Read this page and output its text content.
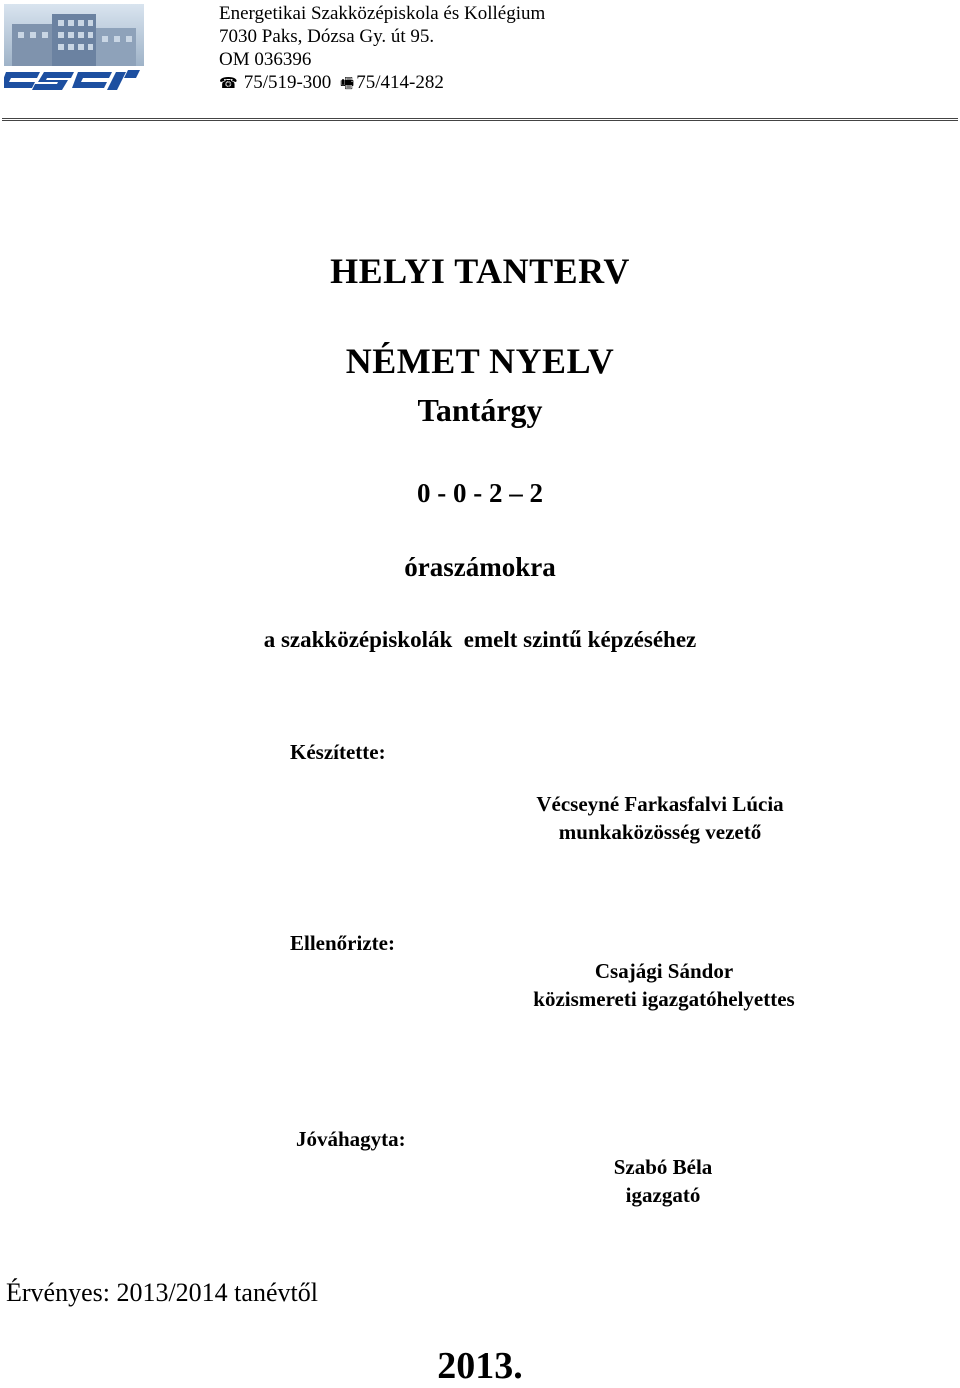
Energetikai Szakközépiskola és Kollégium
7030 Paks, Dózsa Gy. út 95.
OM 036396
☎ 75/519-300 🖷 75/414-282
HELYI TANTERV
NÉMET NYELV
Tantárgy
0 - 0 - 2 – 2
óraszámokra
a szakközépiskolák  emelt szintű képzéséhez
Készítette:
Vécseyné Farkasfalvi Lúcia
munkaközösség vezető
Ellenőrizte:
Csajági Sándor
közismereti igazgatóhelyettes
Jóváhagyta:
Szabó Béla
igazgató
Érvényes: 2013/2014 tanévtől
2013.
